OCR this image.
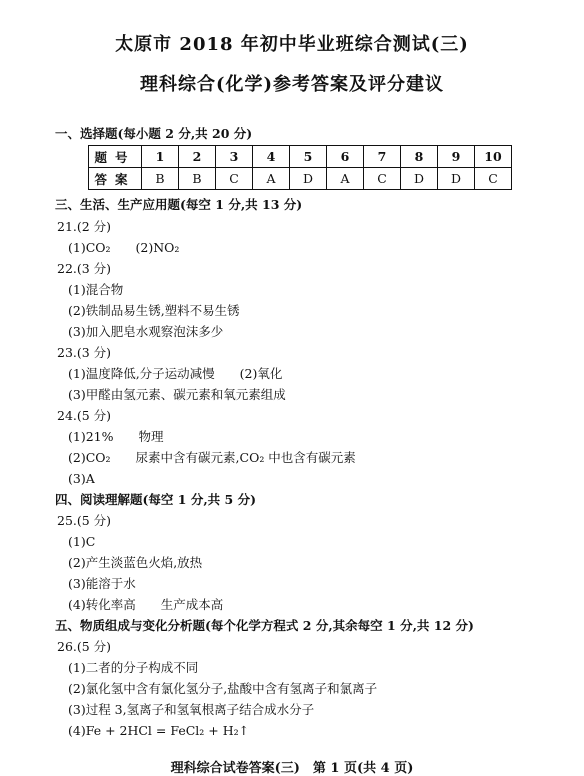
太原市 2018 年初中毕业班综合测试(三)
理科综合(化学)参考答案及评分建议
一、选择题(每小题 2 分,共 20 分)
题号	1	2	3	4	5	6	7	8	9	10
答案	B	B	C	A	D	A	C	D	D	C
三、生活、生产应用题(每空 1 分,共 13 分)
21.(2 分)
(1)CO₂　　(2)NO₂
22.(3 分)
(1)混合物
(2)铁制品易生锈,塑料不易生锈
(3)加入肥皂水观察泡沫多少
23.(3 分)
(1)温度降低,分子运动减慢　　(2)氧化
(3)甲醛由氢元素、碳元素和氧元素组成
24.(5 分)
(1)21%　　物理
(2)CO₂　　尿素中含有碳元素,CO₂ 中也含有碳元素
(3)A
四、阅读理解题(每空 1 分,共 5 分)
25.(5 分)
(1)C
(2)产生淡蓝色火焰,放热
(3)能溶于水
(4)转化率高　　生产成本高
五、物质组成与变化分析题(每个化学方程式 2 分,其余每空 1 分,共 12 分)
26.(5 分)
(1)二者的分子构成不同
(2)氯化氢中含有氯化氢分子,盐酸中含有氢离子和氯离子
(3)过程 3,氢离子和氢氧根离子结合成水分子
(4)Fe + 2HCl = FeCl₂ + H₂↑
理科综合试卷答案(三)　第 1 页(共 4 页)
